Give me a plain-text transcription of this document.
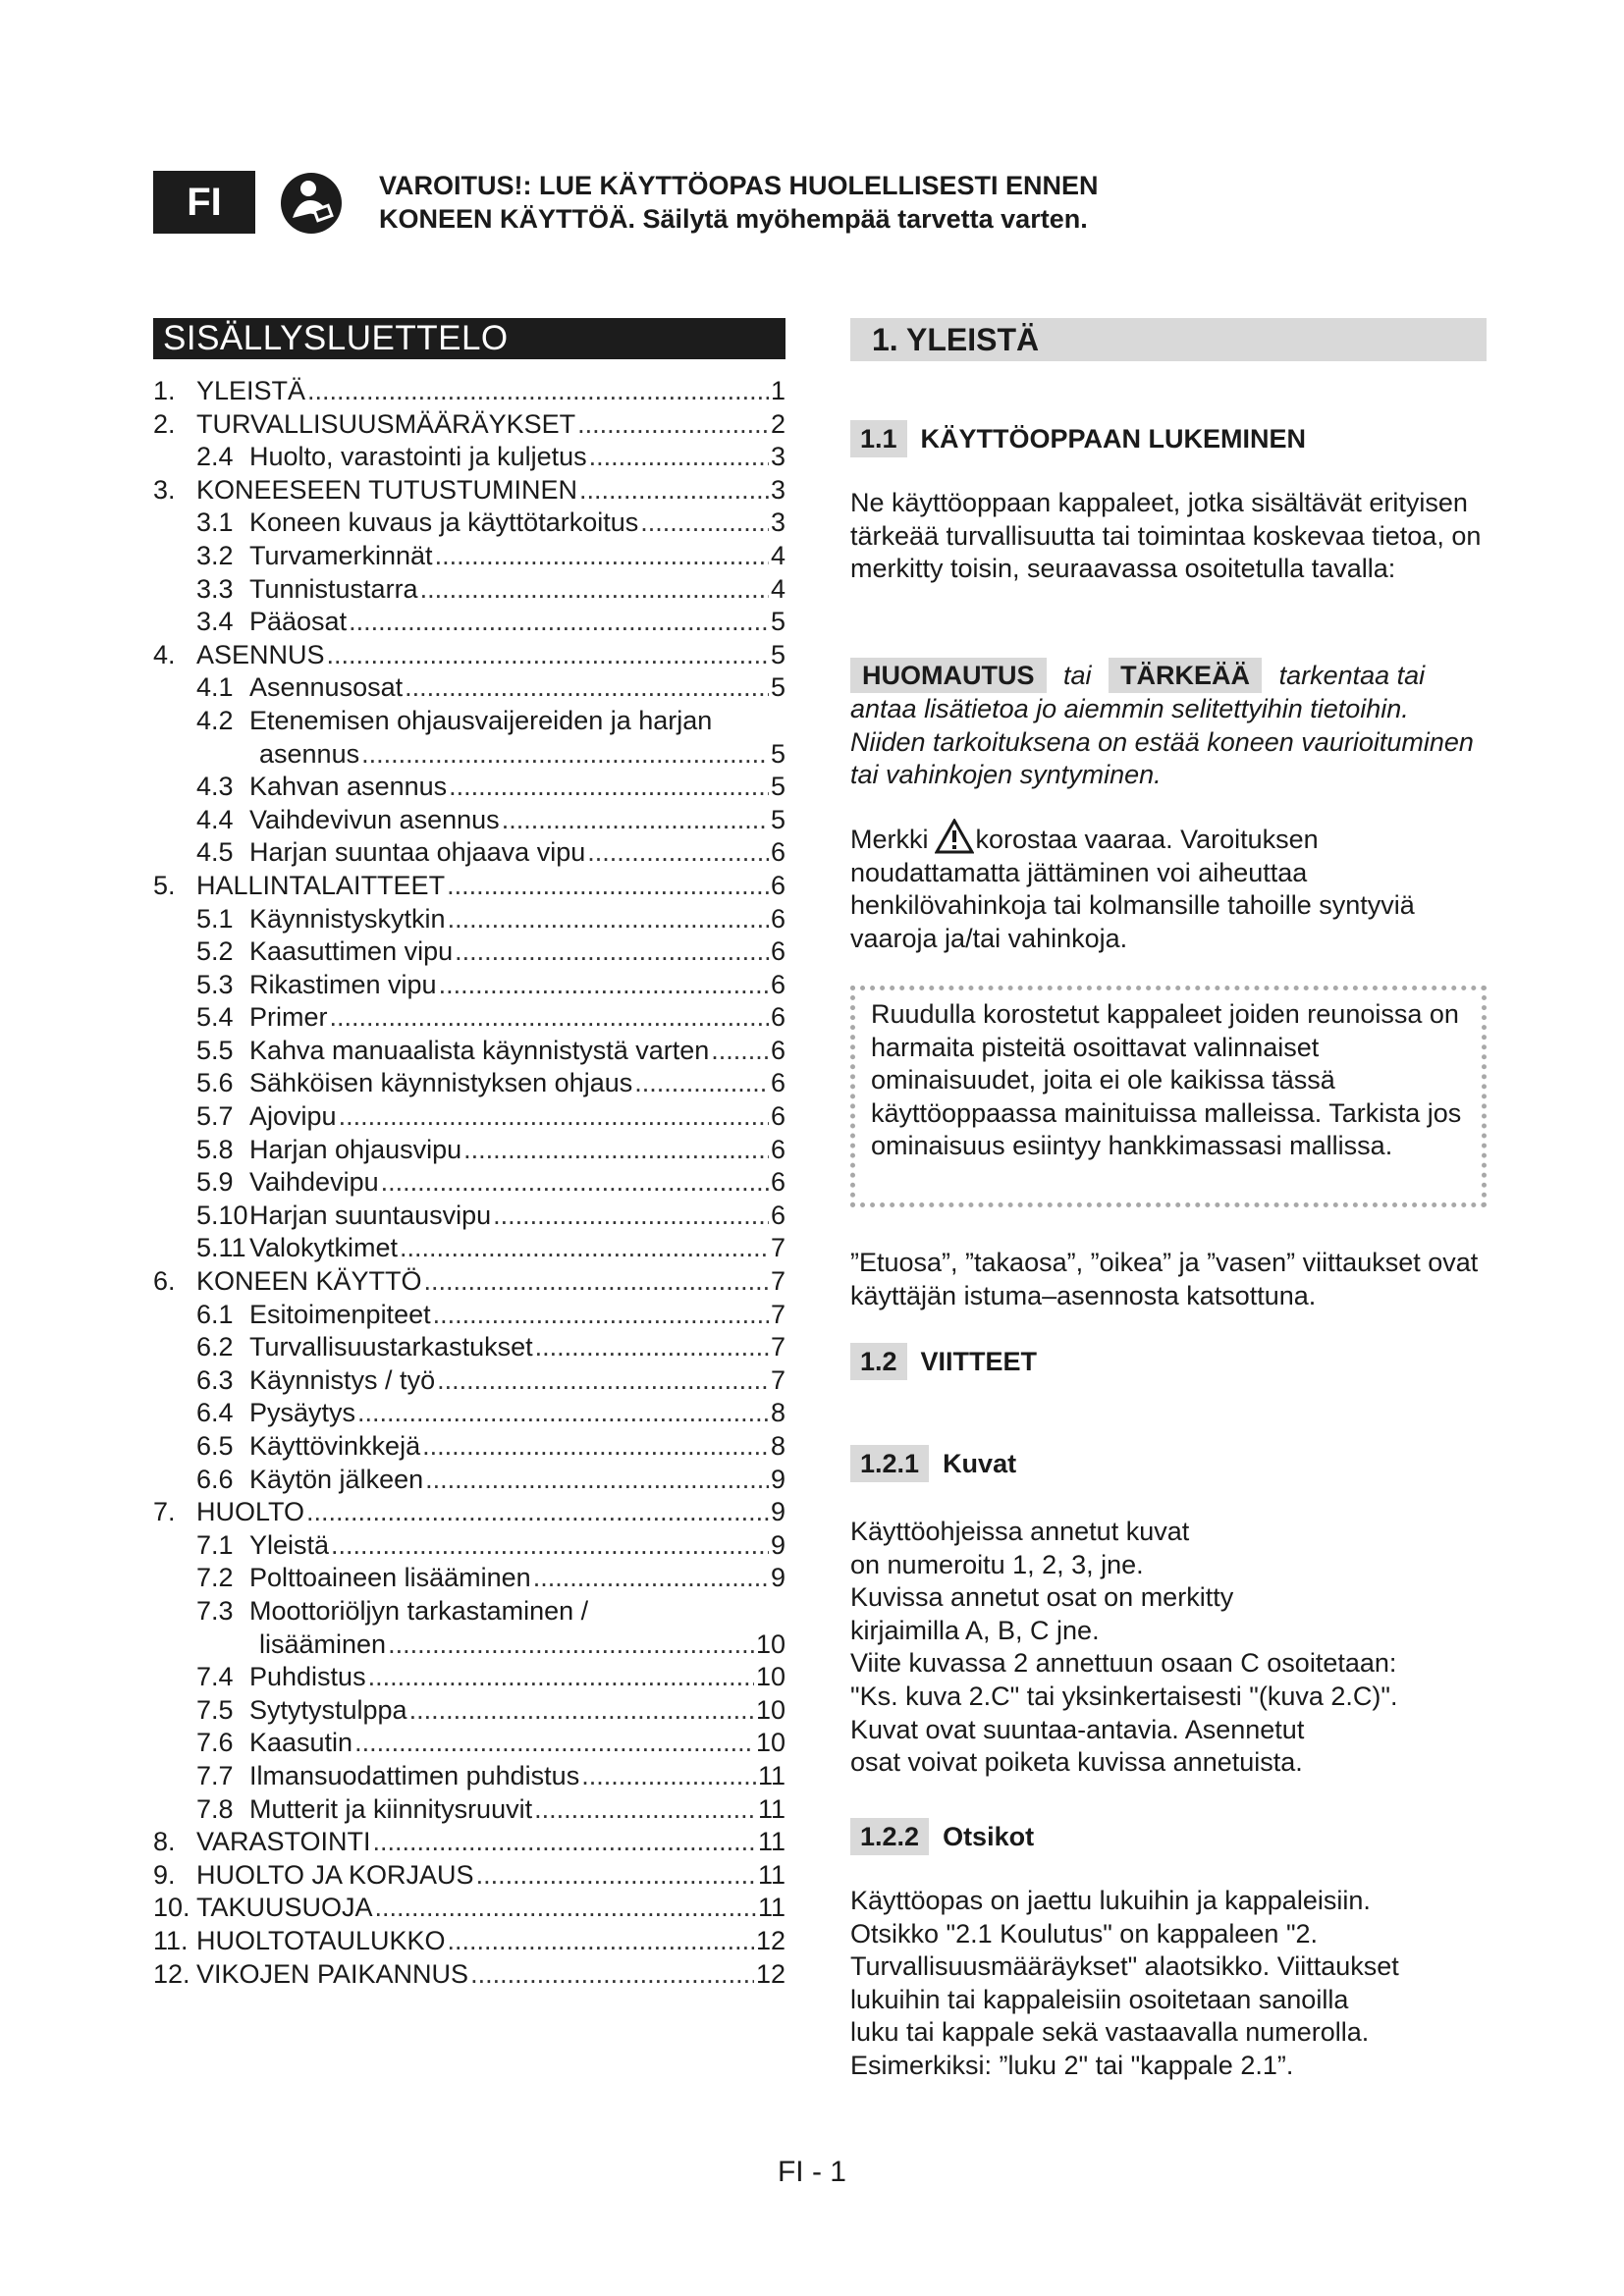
FI	VAROITUS!: LUE KÄYTTÖOPAS HUOLELLISESTI ENNEN
KONEEN KÄYTTÖÄ. Säilytä myöhempää tarvetta varten.
SISÄLLYSLUETTELO
1. YLEISTÄ .....	1
2. TURVALLISUUSMÄÄRÄYKSET .....	2
2.4 Huolto, varastointi ja kuljetus .....	3
3. KONEESEEN TUTUSTUMINEN .....	3
3.1 Koneen kuvaus ja käyttötarkoitus .....	3
3.2 Turvamerkinnät .....	4
3.3 Tunnistustarra .....	4
3.4 Pääosat .....	5
4. ASENNUS .....	5
4.1 Asennusosat .....	5
4.2 Etenemisen ohjausvaijereiden ja harjan
asennus .....	5
4.3 Kahvan asennus .....	5
4.4 Vaihdevivun asennus .....	5
4.5 Harjan suuntaa ohjaava vipu .....	6
5. HALLINTALAITTEET .....	6
5.1 Käynnistyskytkin .....	6
5.2 Kaasuttimen vipu .....	6
5.3 Rikastimen vipu .....	6
5.4 Primer .....	6
5.5 Kahva manuaalista käynnistystä varten ..... 6
5.6 Sähköisen käynnistyksen ohjaus .....	6
5.7 Ajovipu .....	6
5.8 Harjan ohjausvipu .....	6
5.9 Vaihdevipu .....	6
5.10 Harjan suuntausvipu .....	6
5.11 Valokytkimet .....	7
6. KONEEN KÄYTTÖ .....	7
6.1 Esitoimenpiteet .....	7
6.2 Turvallisuustarkastukset .....	7
6.3 Käynnistys / työ .....	7
6.4 Pysäytys .....	8
6.5 Käyttövinkkejä .....	8
6.6 Käytön jälkeen .....	9
7. HUOLTO .....	9
7.1 Yleistä .....	9
7.2 Polttoaineen lisääminen .....	9
7.3 Moottoriöljyn tarkastaminen /
lisääminen .....	10
7.4 Puhdistus .....	10
7.5 Sytytystulppa .....	10
7.6 Kaasutin .....	10
7.7 Ilmansuodattimen puhdistus .....	11
7.8 Mutterit ja kiinnitysruuvit .....	11
8. VARASTOINTI .....	11
9. HUOLTO JA KORJAUS .....	11
10. TAKUUSUOJA .....	11
11. HUOLTOTAULUKKO .....	12
12. VIKOJEN PAIKANNUS .....	12
1. YLEISTÄ
1.1 KÄYTTÖOPPAAN LUKEMINEN
Ne käyttöoppaan kappaleet, jotka sisältävät erityisen tärkeää turvallisuutta tai toimintaa koskevaa tietoa, on merkitty toisin, seuraavassa osoitetulla tavalla:
HUOMAUTUS tai TÄRKEÄÄ tarkentaa tai antaa lisätietoa jo aiemmin selitettyihin tietoihin. Niiden tarkoituksena on estää koneen vaurioituminen tai vahinkojen syntyminen.
Merkki korostaa vaaraa. Varoituksen noudattamatta jättäminen voi aiheuttaa henkilövahinkoja tai kolmansille tahoille syntyviä vaaroja ja/tai vahinkoja.
Ruudulla korostetut kappaleet joiden reunoissa on harmaita pisteitä osoittavat valinnaiset ominaisuudet, joita ei ole kaikissa tässä käyttöoppaassa mainituissa malleissa. Tarkista jos ominaisuus esiintyy hankkimassasi mallissa.
”Etuosa”, ”takaosa”, ”oikea” ja ”vasen” viittaukset ovat käyttäjän istuma–asennosta katsottuna.
1.2 VIITTEET
1.2.1 Kuvat
Käyttöohjeissa annetut kuvat
on numeroitu 1, 2, 3, jne.
Kuvissa annetut osat on merkitty
kirjaimilla A, B, C jne.
Viite kuvassa 2 annettuun osaan C osoitetaan:
"Ks. kuva 2.C" tai yksinkertaisesti "(kuva 2.C)".
Kuvat ovat suuntaa-antavia. Asennetut
osat voivat poiketa kuvissa annetuista.
1.2.2 Otsikot
Käyttöopas on jaettu lukuihin ja kappaleisiin.
Otsikko "2.1 Koulutus" on kappaleen "2.
Turvallisuusmääräykset" alaotsikko. Viittaukset
lukuihin tai kappaleisiin osoitetaan sanoilla
luku tai kappale sekä vastaavalla numerolla.
Esimerkiksi: ”luku 2" tai "kappale 2.1”.
FI - 1
